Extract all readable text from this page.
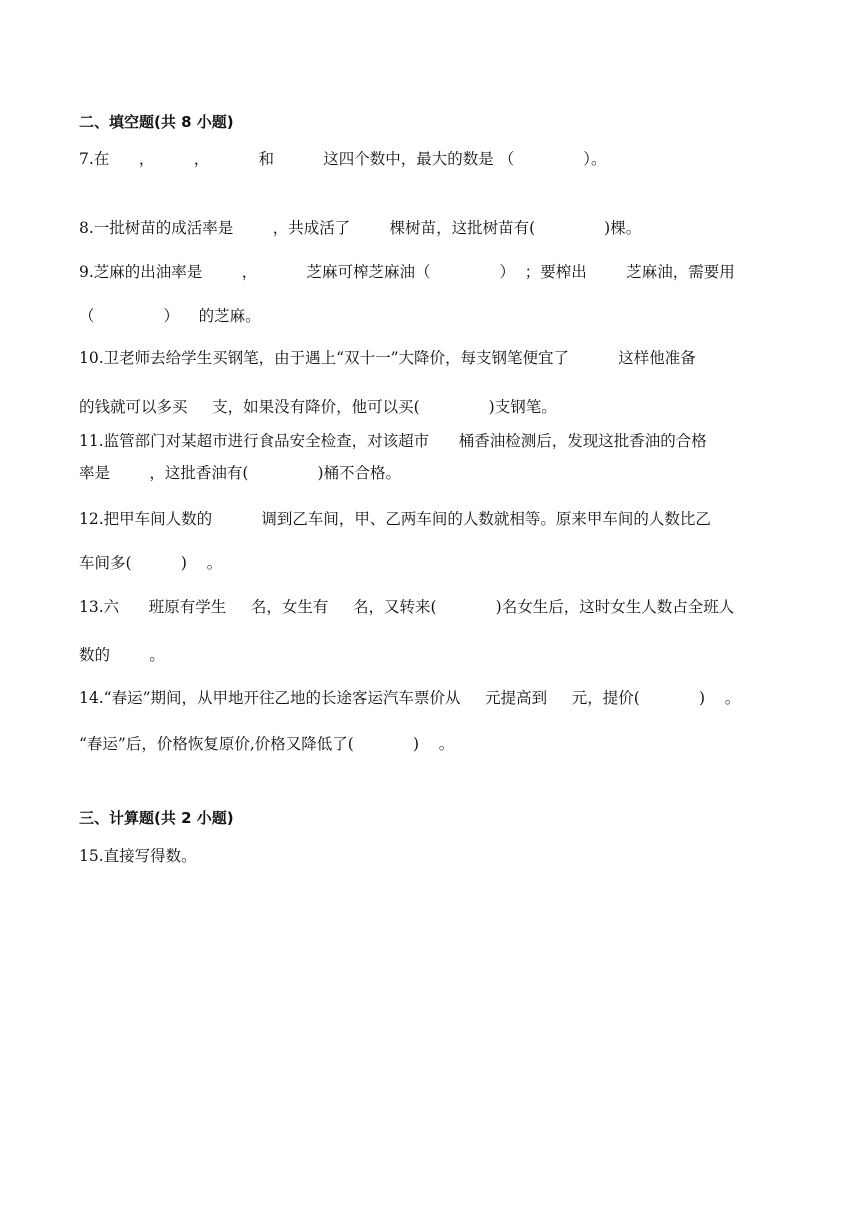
二、填空题(共 8 小题)
7.在      ，        ，          和          这四个数中，最大的数是 （              ）。
8.一批树苗的成活率是        ，共成活了        棵树苗，这批树苗有(              )棵。
9.芝麻的出油率是        ，          芝麻可榨芝麻油（              ）  ；要榨出        芝麻油，需要用
（              ）    的芝麻。
10.卫老师去给学生买钢笔，由于遇上“双十一”大降价，每支钢笔便宜了          这样他准备
的钱就可以多买     支，如果没有降价，他可以买(              )支钢笔。
11.监管部门对某超市进行食品安全检查，对该超市      桶香油检测后，发现这批香油的合格
率是        ，这批香油有(              )桶不合格。
12.把甲车间人数的          调到乙车间，甲、乙两车间的人数就相等。原来甲车间的人数比乙
车间多(          )    。
13.六      班原有学生     名，女生有     名，又转来(            )名女生后，这时女生人数占全班人
数的        。
14.“春运”期间，从甲地开往乙地的长途客运汽车票价从     元提高到     元，提价(            )    。
“春运”后，价格恢复原价,价格又降低了(            )    。
三、计算题(共 2 小题)
15.直接写得数。
